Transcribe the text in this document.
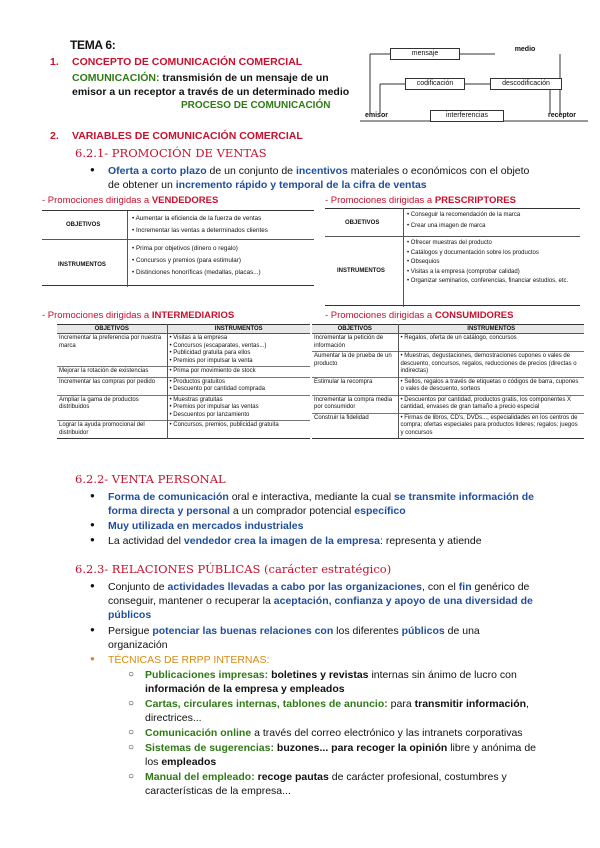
TEMA 6:
1. CONCEPTO DE COMUNICACIÓN COMERCIAL
COMUNICACIÓN: transmisión de un mensaje de un
emisor a un receptor a través de un determinado medio
PROCESO DE COMUNICACIÓN
mensaje
medio
codificación	descodificación
emisor	interferencias	receptor
2. VARIABLES DE COMUNICACIÓN COMERCIAL
6.2.1- PROMOCIÓN DE VENTAS
● Oferta a corto plazo de un conjunto de incentivos materiales o económicos con el objeto
de obtener un incremento rápido y temporal de la cifra de ventas
- Promociones dirigidas a VENDEDORES
OBJETIVOS
• Aumentar la eficiencia de la fuerza de ventas
• Incrementar las ventas a determinados clientes
INSTRUMENTOS
• Prima por objetivos (dinero o regalo)
• Concursos y premios (para estimular)
• Distinciones honoríficas (medallas, placas...)
- Promociones dirigidas a PRESCRIPTORES
OBJETIVOS
• Conseguir la recomendación de la marca
• Crear una imagen de marca
INSTRUMENTOS
• Ofrecer muestras del producto
• Catálogos y documentación sobre los productos
• Obsequios
• Visitas a la empresa (comprobar calidad)
• Organizar seminarios, conferencias, financiar estudios, etc.
- Promociones dirigidas a INTERMEDIARIOS
OBJETIVOS	INSTRUMENTOS
Incrementar la preferencia por nuestra marca	• Visitas a la empresa
• Concursos (escaparates, ventas...)
• Publicidad gratuita para ellos
• Premios por impulsar la venta

Mejorar la rotación de existencias	• Prima por movimiento de stock

Incrementar las compras por pedido	• Productos gratuitos
• Descuento por cantidad comprada

Ampliar la gama de productos distribuidos	• Muestras gratuitas
• Premios por impulsar las ventas
• Descuentos por lanzamiento

Lograr la ayuda promocional del distribuidor	• Concursos, premios, publicidad gratuita
- Promociones dirigidas a CONSUMIDORES
OBJETIVOS	INSTRUMENTOS
Incrementar la petición de información	• Regalos, oferta de un catálogo, concursos
Aumentar la de prueba de un producto	• Muestras, degustaciones, demostraciones cupones o vales de descuento, concursos, regalos, reducciones de precios (directas o indirectas)
Estimular la recompra	• Sellos, regalos a través de etiquetas o códigos de barra, cupones o vales de descuento, sorteos
Incrementar la compra media por consumidor	• Descuentos por cantidad, productos gratis, los componentes X cantidad, envases de gran tamaño a precio especial
Construir la fidelidad	• Firmas de libros, CD's, DVDs..., especialidades en los centros de compra; ofertas especiales para productos líderes; regalos; juegos y concursos
6.2.2- VENTA PERSONAL
● Forma de comunicación oral e interactiva, mediante la cual se transmite información de
forma directa y personal a un comprador potencial específico
● Muy utilizada en mercados industriales
● La actividad del vendedor crea la imagen de la empresa: representa y atiende
6.2.3- RELACIONES PÚBLICAS (carácter estratégico)
● Conjunto de actividades llevadas a cabo por las organizaciones, con el fin genérico de
conseguir, mantener o recuperar la aceptación, confianza y apoyo de una diversidad de
públicos
● Persigue potenciar las buenas relaciones con los diferentes públicos de una
organización
● TÉCNICAS DE RRPP INTERNAS:
○ Publicaciones impresas: boletines y revistas internas sin ánimo de lucro con
información de la empresa y empleados
○ Cartas, circulares internas, tablones de anuncio: para transmitir información,
directrices...
○ Comunicación online a través del correo electrónico y las intranets corporativas
○ Sistemas de sugerencias: buzones... para recoger la opinión libre y anónima de
los empleados
○ Manual del empleado: recoge pautas de carácter profesional, costumbres y
características de la empresa...
